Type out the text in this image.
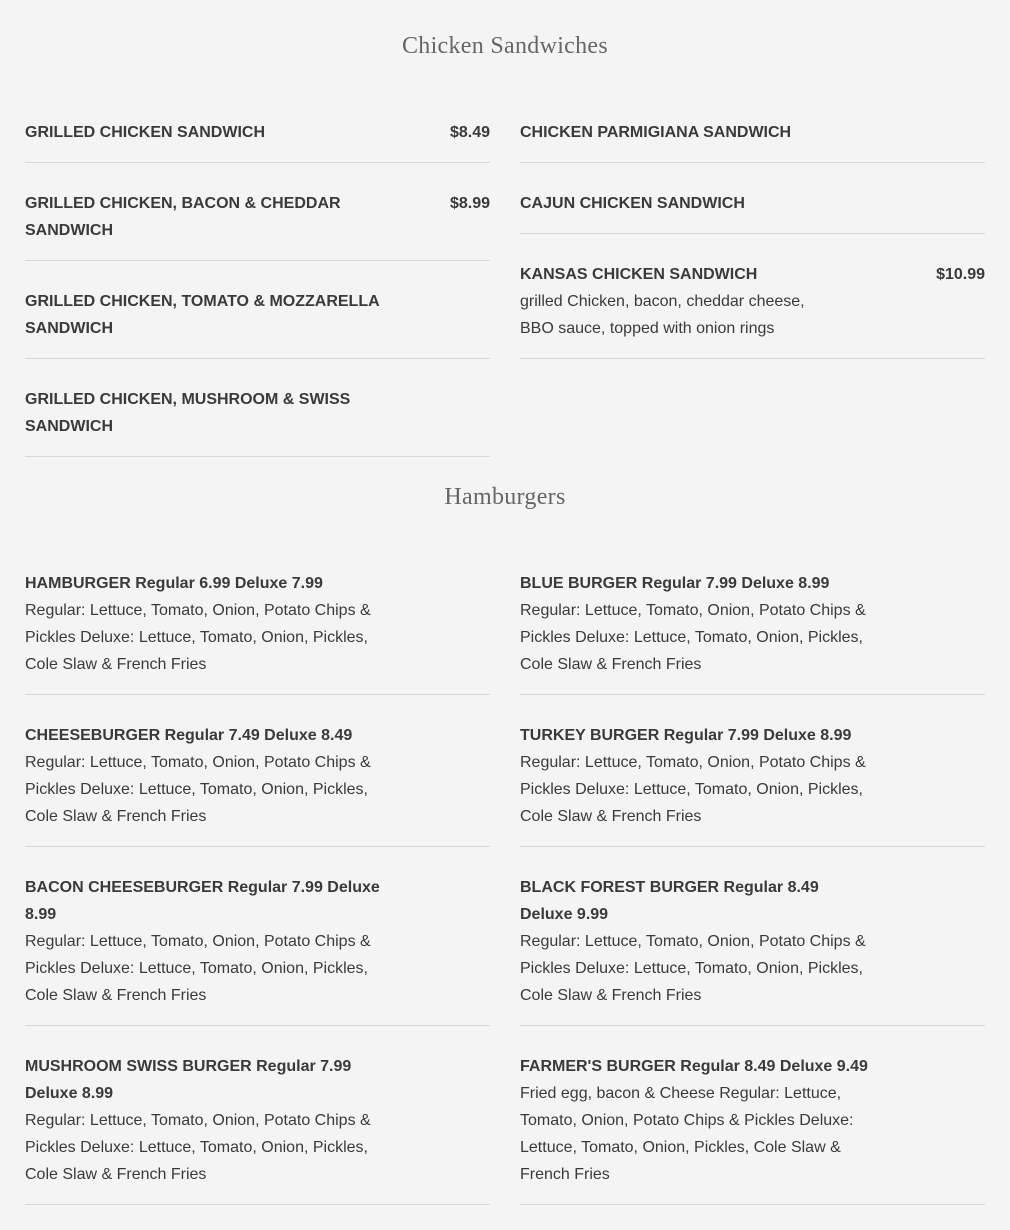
Chicken Sandwiches
GRILLED CHICKEN SANDWICH	$8.49
GRILLED CHICKEN, BACON & CHEDDAR SANDWICH
$8.99
GRILLED CHICKEN, TOMATO & MOZZARELLA SANDWICH
GRILLED CHICKEN, MUSHROOM & SWISS SANDWICH
CHICKEN PARMIGIANA SANDWICH
CAJUN CHICKEN SANDWICH
KANSAS CHICKEN SANDWICH	$10.99
grilled Chicken, bacon, cheddar cheese, BBO sauce, topped with onion rings
Hamburgers
HAMBURGER Regular 6.99 Deluxe 7.99
Regular: Lettuce, Tomato, Onion, Potato Chips & Pickles Deluxe: Lettuce, Tomato, Onion, Pickles, Cole Slaw & French Fries
CHEESEBURGER Regular 7.49 Deluxe 8.49
Regular: Lettuce, Tomato, Onion, Potato Chips & Pickles Deluxe: Lettuce, Tomato, Onion, Pickles, Cole Slaw & French Fries
BACON CHEESEBURGER Regular 7.99 Deluxe 8.99
Regular: Lettuce, Tomato, Onion, Potato Chips & Pickles Deluxe: Lettuce, Tomato, Onion, Pickles, Cole Slaw & French Fries
MUSHROOM SWISS BURGER Regular 7.99 Deluxe 8.99
Regular: Lettuce, Tomato, Onion, Potato Chips & Pickles Deluxe: Lettuce, Tomato, Onion, Pickles, Cole Slaw & French Fries
BLUE BURGER Regular 7.99 Deluxe 8.99
Regular: Lettuce, Tomato, Onion, Potato Chips & Pickles Deluxe: Lettuce, Tomato, Onion, Pickles, Cole Slaw & French Fries
TURKEY BURGER Regular 7.99 Deluxe 8.99
Regular: Lettuce, Tomato, Onion, Potato Chips & Pickles Deluxe: Lettuce, Tomato, Onion, Pickles, Cole Slaw & French Fries
BLACK FOREST BURGER Regular 8.49 Deluxe 9.99
Regular: Lettuce, Tomato, Onion, Potato Chips & Pickles Deluxe: Lettuce, Tomato, Onion, Pickles, Cole Slaw & French Fries
FARMER'S BURGER Regular 8.49 Deluxe 9.49
Fried egg, bacon & Cheese Regular: Lettuce, Tomato, Onion, Potato Chips & Pickles Deluxe: Lettuce, Tomato, Onion, Pickles, Cole Slaw & French Fries
